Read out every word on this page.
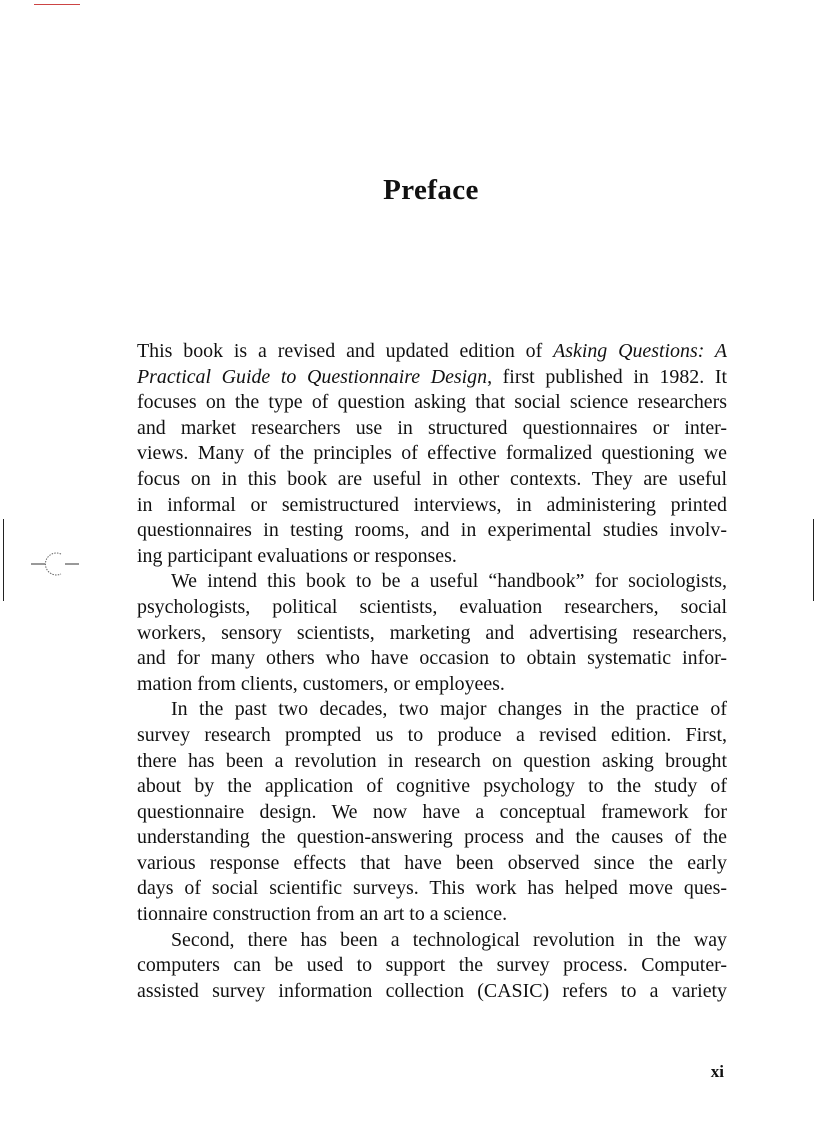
Preface
This book is a revised and updated edition of Asking Questions: A
Practical Guide to Questionnaire Design, first published in 1982. It
focuses on the type of question asking that social science researchers
and market researchers use in structured questionnaires or inter-
views. Many of the principles of effective formalized questioning we
focus on in this book are useful in other contexts. They are useful
in informal or semistructured interviews, in administering printed
questionnaires in testing rooms, and in experimental studies involv-
ing participant evaluations or responses.
We intend this book to be a useful “handbook” for sociologists,
psychologists, political scientists, evaluation researchers, social
workers, sensory scientists, marketing and advertising researchers,
and for many others who have occasion to obtain systematic infor-
mation from clients, customers, or employees.
In the past two decades, two major changes in the practice of
survey research prompted us to produce a revised edition. First,
there has been a revolution in research on question asking brought
about by the application of cognitive psychology to the study of
questionnaire design. We now have a conceptual framework for
understanding the question-answering process and the causes of the
various response effects that have been observed since the early
days of social scientific surveys. This work has helped move ques-
tionnaire construction from an art to a science.
Second, there has been a technological revolution in the way
computers can be used to support the survey process. Computer-
assisted survey information collection (CASIC) refers to a variety
xi
